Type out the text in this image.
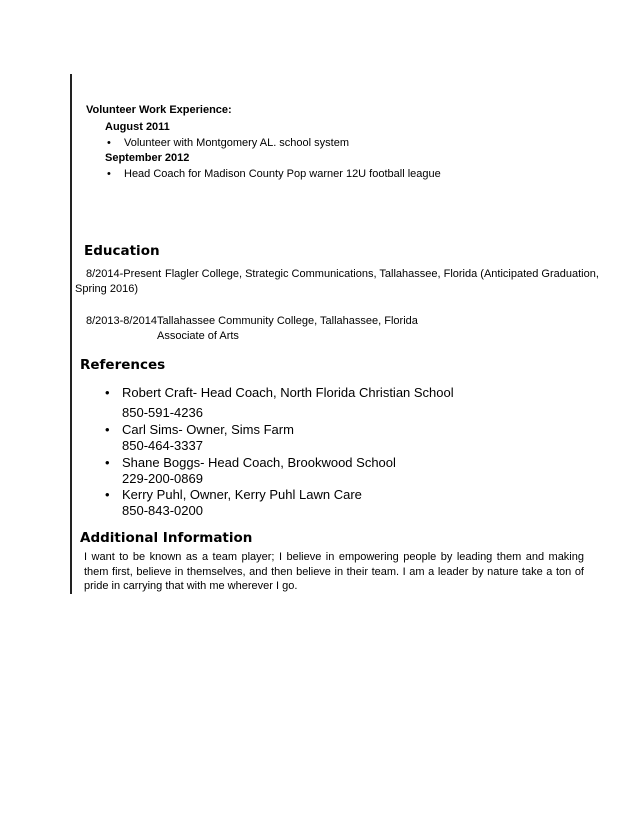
Volunteer Work Experience:
August 2011
• Volunteer with Montgomery AL. school system
September 2012
• Head Coach for Madison County Pop warner 12U football league
Education
8/2014-Present Flagler College, Strategic Communications, Tallahassee, Florida (Anticipated Graduation,
Spring 2016)
8/2013-8/2014 Tallahassee Community College, Tallahassee, Florida
Associate of Arts
References
• Robert Craft- Head Coach, North Florida Christian School
850-591-4236
• Carl Sims- Owner, Sims Farm
850-464-3337
• Shane Boggs- Head Coach, Brookwood School
229-200-0869
• Kerry Puhl, Owner, Kerry Puhl Lawn Care
850-843-0200
Additional Information
I want to be known as a team player; I believe in empowering people by leading them and making them first, believe in themselves, and then believe in their team. I am a leader by nature take a ton of pride in carrying that with me wherever I go.
